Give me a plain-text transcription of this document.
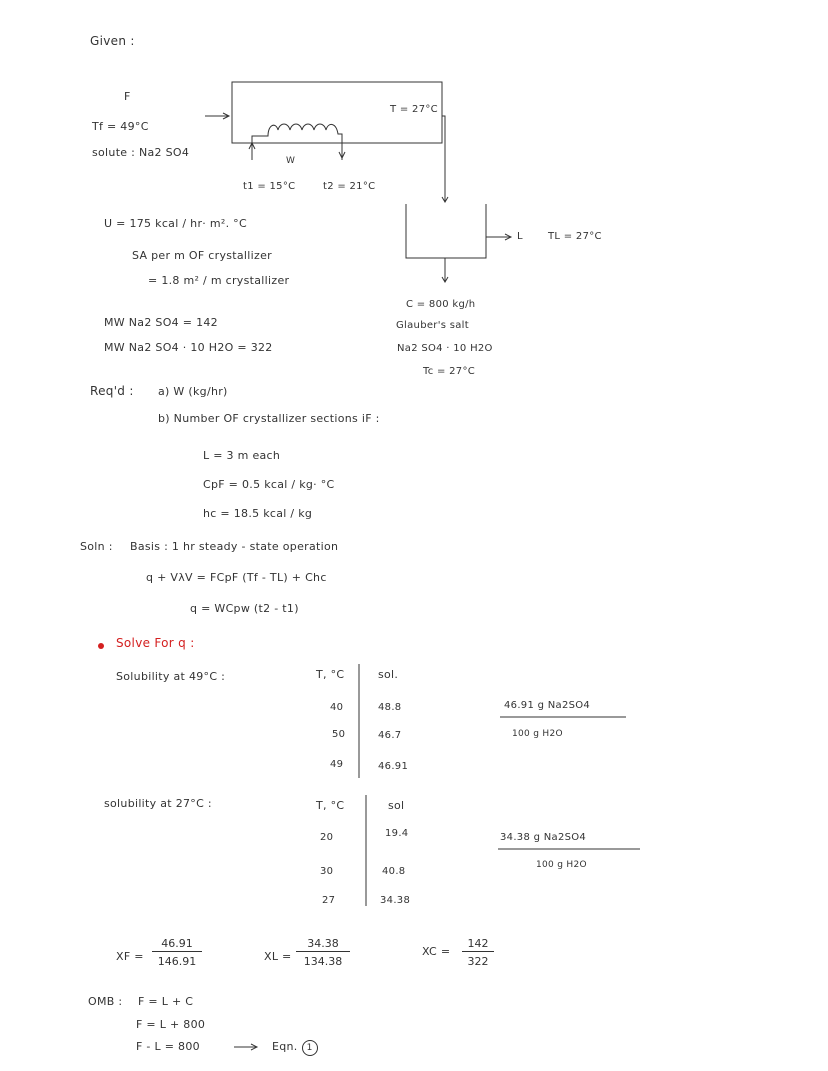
Given :
F
Tf = 49°C
solute : Na2 SO4
W
t1 = 15°C	t2 = 21°C
T = 27°C
L	TL = 27°C
U = 175 kcal / hr· m². °C
SA per m OF crystallizer
= 1.8 m² / m crystallizer
MW Na2 SO4 = 142
MW Na2 SO4 · 10 H2O = 322
C = 800 kg/h
Glauber's salt
Na2 SO4 · 10 H2O
Tc = 27°C
Req'd : a) W (kg/hr)
b) Number OF crystallizer sections iF :
L = 3 m each
CpF = 0.5 kcal / kg· °C
hc = 18.5 kcal / kg
Soln : Basis : 1 hr steady - state operation
q + VλV = FCpF (Tf - TL) + Chc
q = WCpw (t2 - t1)
Solve For q :
Solubility at 49°C :	T, °C	sol.
40	48.8
50	46.7
49	46.91
46.91 g Na2SO4
100 g H2O
solubility at 27°C :	T, °C	sol
20	19.4
30	40.8
27	34.38
34.38 g Na2SO4
100 g H2O
XF = $\frac{46.91}{146.91}$	XL = $\frac{34.38}{134.38}$	XC = $\frac{142}{322}$
OMB : F = L + C
F = L + 800
F - L = 800	Eqn. 1
